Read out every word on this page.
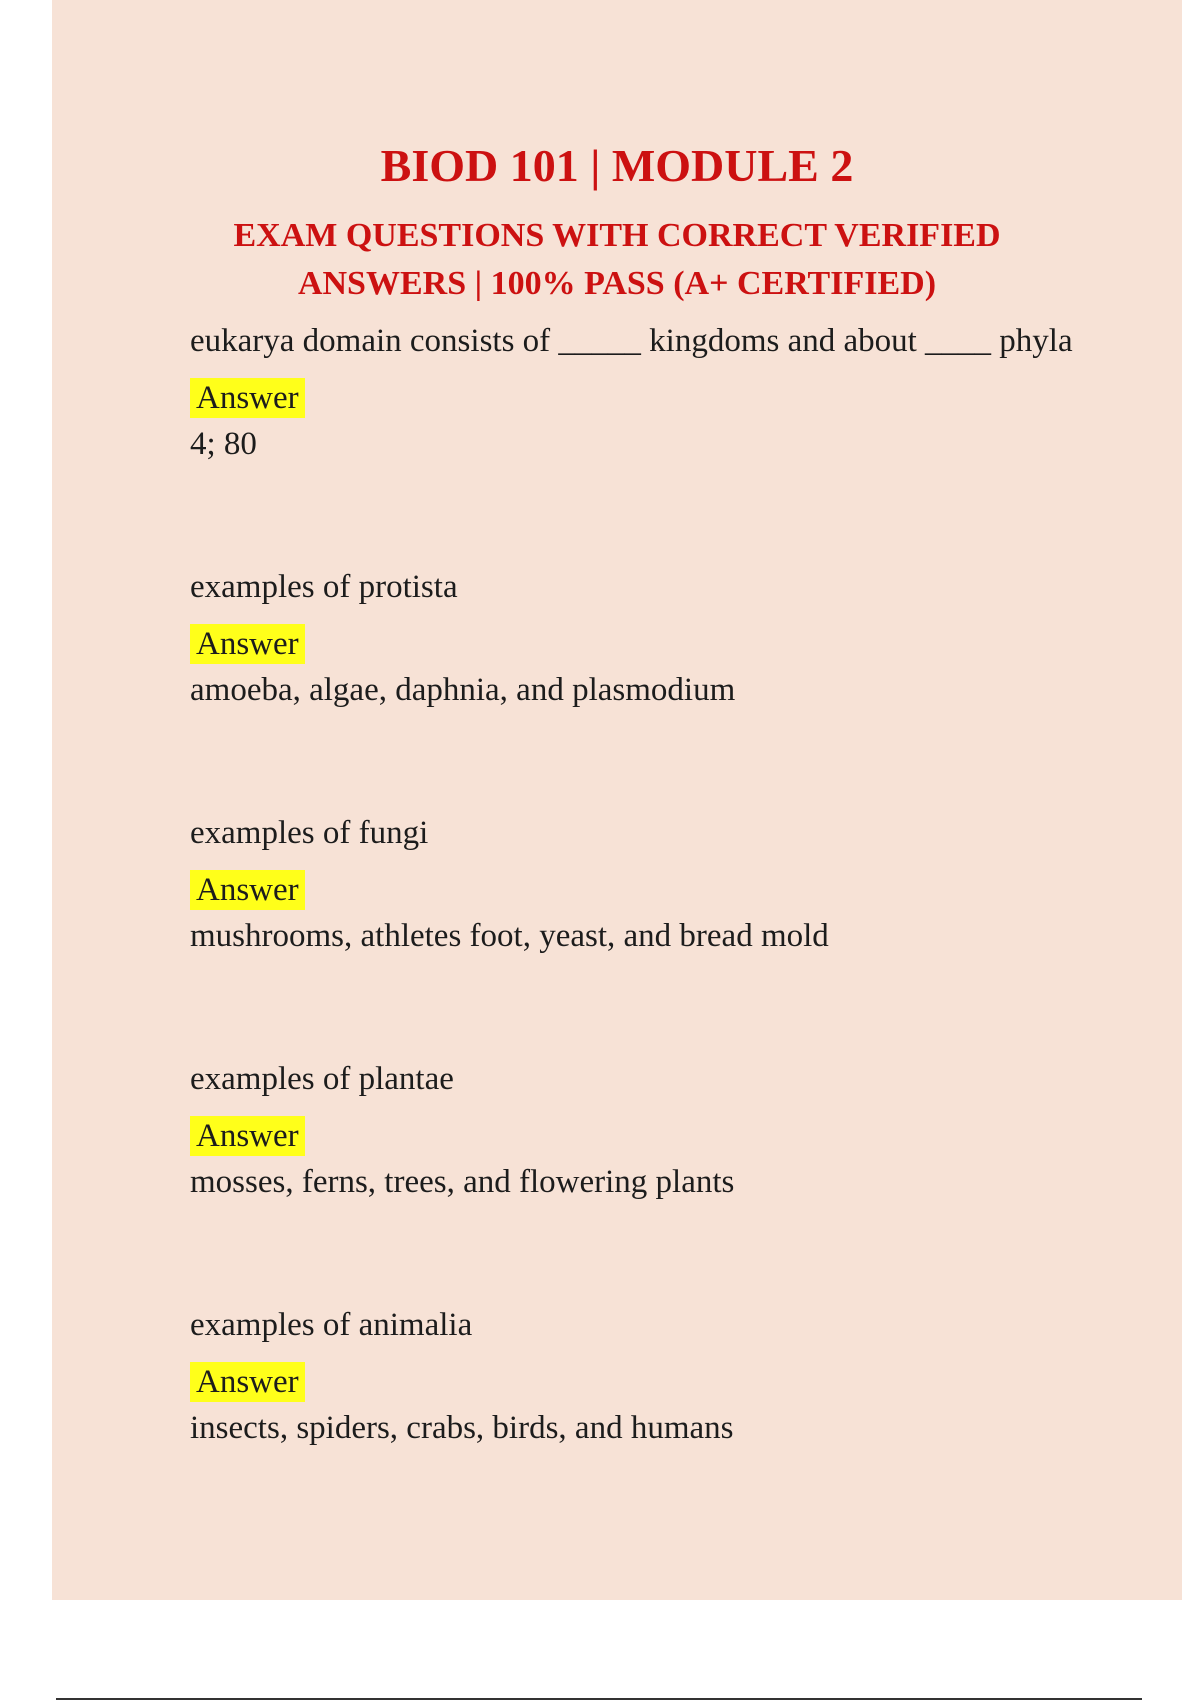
BIOD 101 | MODULE 2
EXAM QUESTIONS WITH CORRECT VERIFIED
ANSWERS | 100% PASS (A+ CERTIFIED)

eukarya domain consists of _____ kingdoms and about ____ phyla

Answer

4; 80

examples of protista

Answer

amoeba, algae, daphnia, and plasmodium

examples of fungi

Answer

mushrooms, athletes foot, yeast, and bread mold

examples of plantae

Answer

mosses, ferns, trees, and flowering plants

examples of animalia

Answer

insects, spiders, crabs, birds, and humans
